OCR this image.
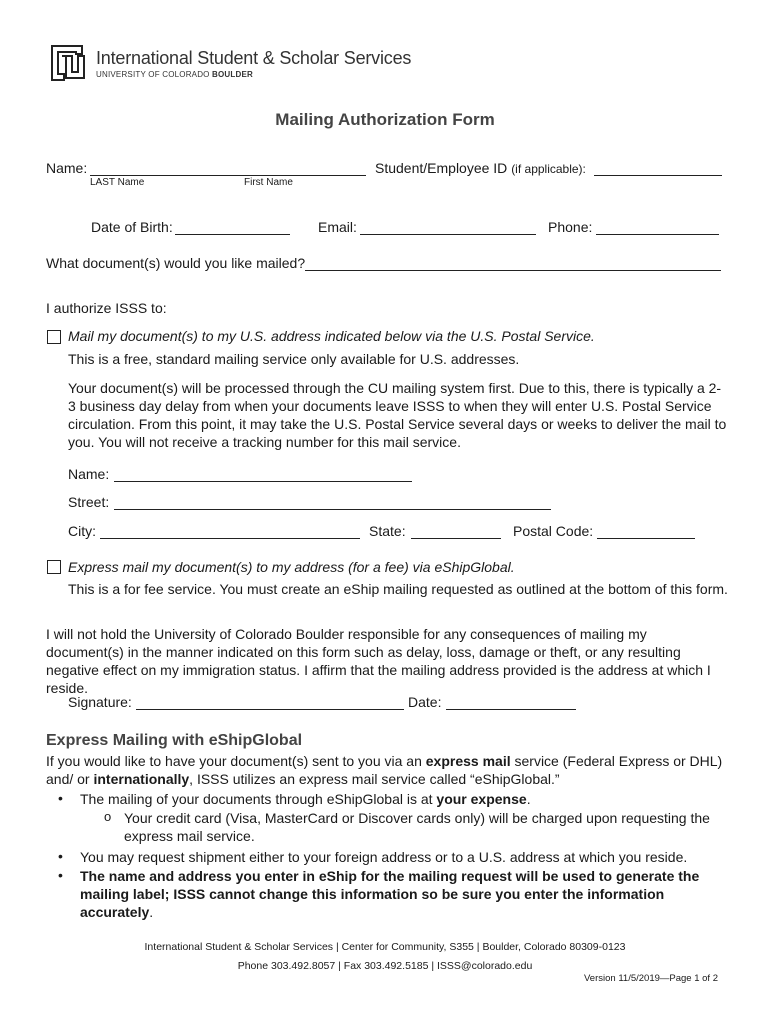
International Student & Scholar Services
UNIVERSITY OF COLORADO BOULDER
Mailing Authorization Form
Name:
LAST Name	First Name
Student/Employee ID (if applicable):
Date of Birth:	Email:	Phone:
What document(s) would you like mailed?
I authorize ISSS to:
Mail my document(s) to my U.S. address indicated below via the U.S. Postal Service.
This is a free, standard mailing service only available for U.S. addresses.
Your document(s) will be processed through the CU mailing system first. Due to this, there is typically a 2-3 business day delay from when your documents leave ISSS to when they will enter U.S. Postal Service circulation. From this point, it may take the U.S. Postal Service several days or weeks to deliver the mail to you. You will not receive a tracking number for this mail service.
Name:
Street:
City:	State:	Postal Code:
Express mail my document(s) to my address (for a fee) via eShipGlobal.
This is a for fee service. You must create an eShip mailing requested as outlined at the bottom of this form.
I will not hold the University of Colorado Boulder responsible for any consequences of mailing my document(s) in the manner indicated on this form such as delay, loss, damage or theft, or any resulting negative effect on my immigration status. I affirm that the mailing address provided is the address at which I reside.
Signature:	Date:
Express Mailing with eShipGlobal
If you would like to have your document(s) sent to you via an express mail service (Federal Express or DHL) and/ or internationally, ISSS utilizes an express mail service called “eShipGlobal.”
• The mailing of your documents through eShipGlobal is at your expense.
o Your credit card (Visa, MasterCard or Discover cards only) will be charged upon requesting the express mail service.
• You may request shipment either to your foreign address or to a U.S. address at which you reside.
• The name and address you enter in eShip for the mailing request will be used to generate the mailing label; ISSS cannot change this information so be sure you enter the information accurately.
International Student & Scholar Services | Center for Community, S355 | Boulder, Colorado 80309-0123
Phone 303.492.8057 | Fax 303.492.5185 | ISSS@colorado.edu
Version 11/5/2019—Page 1 of 2
